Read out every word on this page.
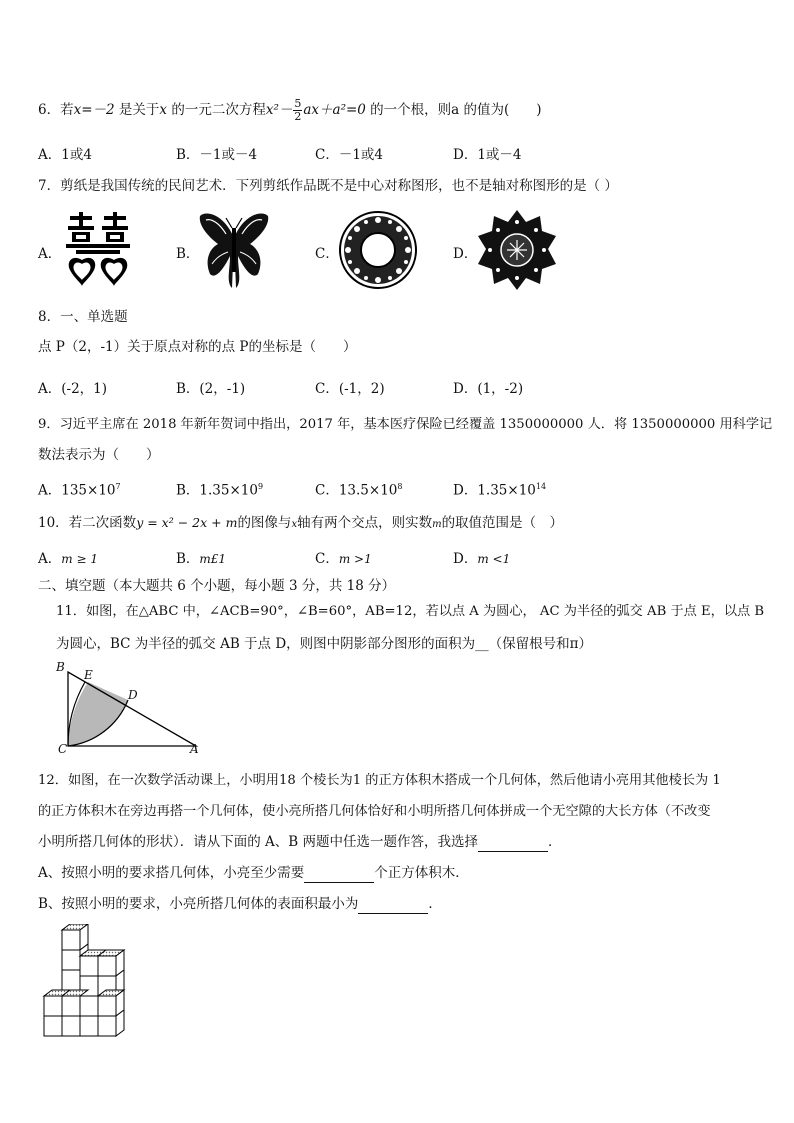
6．若x=－2 是关于x 的一元二次方程$x^2- \frac{5}{2} ax+a^2=0$ 的一个根，则a 的值为(　　)
A．1或4	B．－1或－4	C．－1或4	D．1或－4
7．剪纸是我国传统的民间艺术．下列剪纸作品既不是中心对称图形，也不是轴对称图形的是（ ）
A．	B．	C．	D．
8．一、单选题
点 P（2，-1）关于原点对称的点 P的坐标是（　　）
A．(-2，1)	B．(2，-1)	C．(-1，2)	D．(1，-2)
9．习近平主席在 2018 年新年贺词中指出，2017 年，基本医疗保险已经覆盖 1350000000 人．将 1350000000 用科学记
数法表示为（　　）
A．$135\times 10^7$	B．$1.35\times 10^9$	C．$13.5\times 10^8$	D．$1.35\times 10^{14}$
10．若二次函数y = x² − 2x + m的图像与x轴有两个交点，则实数m的取值范围是（　）
A．m ≥ 1	B．m£1	C．m >1	D．m <1
二、填空题（本大题共 6 个小题，每小题 3 分，共 18 分）
11．如图，在△ABC 中，∠ACB=90°，∠B=60°，AB=12，若以点 A 为圆心， AC 为半径的弧交 AB 于点 E，以点 B
为圆心，BC 为半径的弧交 AB 于点 D，则图中阴影部分图形的面积为__（保留根号和π）
B
E
D
C	A
12．如图，在一次数学活动课上，小明用18 个棱长为1 的正方体积木搭成一个几何体，然后他请小亮用其他棱长为 1
的正方体积木在旁边再搭一个几何体，使小亮所搭几何体恰好和小明所搭几何体拼成一个无空隙的大长方体（不改变
小明所搭几何体的形状）．请从下面的 A、B 两题中任选一题作答，我选择	．
A、按照小明的要求搭几何体，小亮至少需要	个正方体积木．
B、按照小明的要求，小亮所搭几何体的表面积最小为	．
